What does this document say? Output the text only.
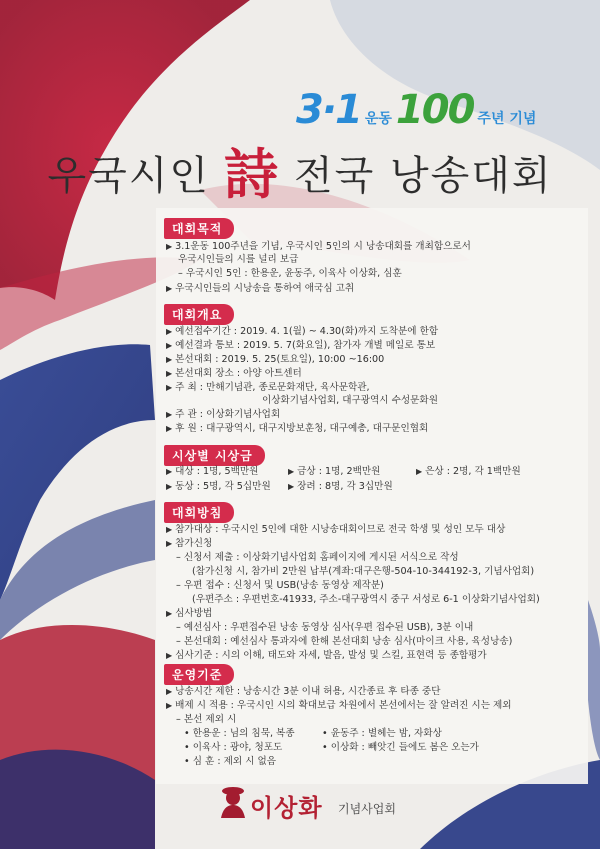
3·1 운동 100 주년 기념
우국시인 詩 전국 낭송대회
대회목적
▶ 3.1운동 100주년을 기념, 우국시인 5인의 시 낭송대회를 개최함으로서
우국시인들의 시를 널리 보급
– 우국시인 5인 : 한용운, 윤동주, 이육사 이상화, 심훈
▶ 우국시인들의 시낭송을 통하여 애국심 고취
대회개요
▶ 예선접수기간 : 2019. 4. 1(월) ~ 4.30(화)까지 도착분에 한함
▶ 예선결과 통보 : 2019. 5. 7(화요일), 참가자 개별 메일로 통보
▶ 본선대회 : 2019. 5. 25(토요일), 10:00 ~16:00
▶ 본선대회 장소 : 아양 아트센터
▶ 주 최 : 만해기념관, 종로문화재단, 육사문학관,
이상화기념사업회, 대구광역시 수성문화원
▶ 주 관 : 이상화기념사업회
▶ 후 원 : 대구광역시, 대구지방보훈청, 대구예총, 대구문인협회
시상별 시상금
▶ 대상 : 1명, 5백만원	▶ 금상 : 1명, 2백만원	▶ 은상 : 2명, 각 1백만원
▶ 동상 : 5명, 각 5십만원 ▶ 장려 : 8명, 각 3십만원
대회방침
▶ 참가대상 : 우국시인 5인에 대한 시낭송대회이므로 전국 학생 및 성인 모두 대상
▶ 참가신청
– 신청서 제출 : 이상화기념사업회 홈페이지에 게시된 서식으로 작성
(참가신청 시, 참가비 2만원 납부(계좌:대구은행-504-10-344192-3, 기념사업회)
– 우편 접수 : 신청서 및 USB(낭송 동영상 제작분)
(우편주소 : 우편번호-41933, 주소-대구광역시 중구 서성로 6-1 이상화기념사업회)
▶ 심사방법
– 예선심사 : 우편접수된 낭송 동영상 심사(우편 접수된 USB), 3분 이내
– 본선대회 : 예선심사 통과자에 한해 본선대회 낭송 심사(마이크 사용, 육성낭송)
▶ 심사기준 : 시의 이해, 태도와 자세, 발음, 발성 및 스킬, 표현력 등 종합평가
운영기준
▶ 낭송시간 제한 : 낭송시간 3분 이내 허용, 시간종료 후 타종 중단
▶ 배제 시 적용 : 우국시인 시의 확대보급 차원에서 본선에서는 잘 알려진 시는 제외
– 본선 제외 시
• 한용운 : 님의 침묵, 복종	• 윤동주 : 별헤는 밤, 자화상
• 이육사 : 광야, 청포도	• 이상화 : 빼앗긴 들에도 봄은 오는가
• 심 훈 : 제외 시 없음
이상화 기념사업회
